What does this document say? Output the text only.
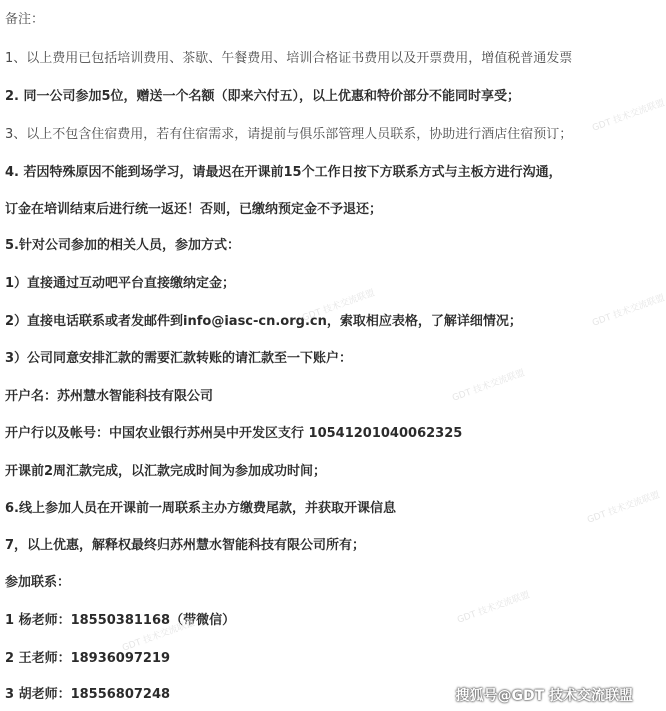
备注：
1、以上费用已包括培训费用、茶歇、午餐费用、培训合格证书费用以及开票费用，增值税普通发票
2. 同一公司参加5位，赠送一个名额（即来六付五），以上优惠和特价部分不能同时享受；
3、以上不包含住宿费用，若有住宿需求，请提前与俱乐部管理人员联系，协助进行酒店住宿预订；
4. 若因特殊原因不能到场学习，请最迟在开课前15个工作日按下方联系方式与主板方进行沟通，
订金在培训结束后进行统一返还！否则，已缴纳预定金不予退还；
5.针对公司参加的相关人员，参加方式：
1）直接通过互动吧平台直接缴纳定金；
2）直接电话联系或者发邮件到info@iasc-cn.org.cn，索取相应表格，了解详细情况；
3）公司同意安排汇款的需要汇款转账的请汇款至一下账户：
开户名：苏州慧水智能科技有限公司
开户行以及帐号：中国农业银行苏州吴中开发区支行 10541201040062325
开课前2周汇款完成，以汇款完成时间为参加成功时间；
6.线上参加人员在开课前一周联系主办方缴费尾款，并获取开课信息
7，以上优惠，解释权最终归苏州慧水智能科技有限公司所有；
参加联系：
1 杨老师：18550381168（带微信）
2 王老师：18936097219
3 胡老师：18556807248
GDT 技术交流联盟
GDT 技术交流联盟	GDT 技术交流联盟
GDT 技术交流联盟
GDT 技术交流联盟
GDT 技术交流联盟
GDT 技术交流联盟
搜狐号@GDT 技术交流联盟
